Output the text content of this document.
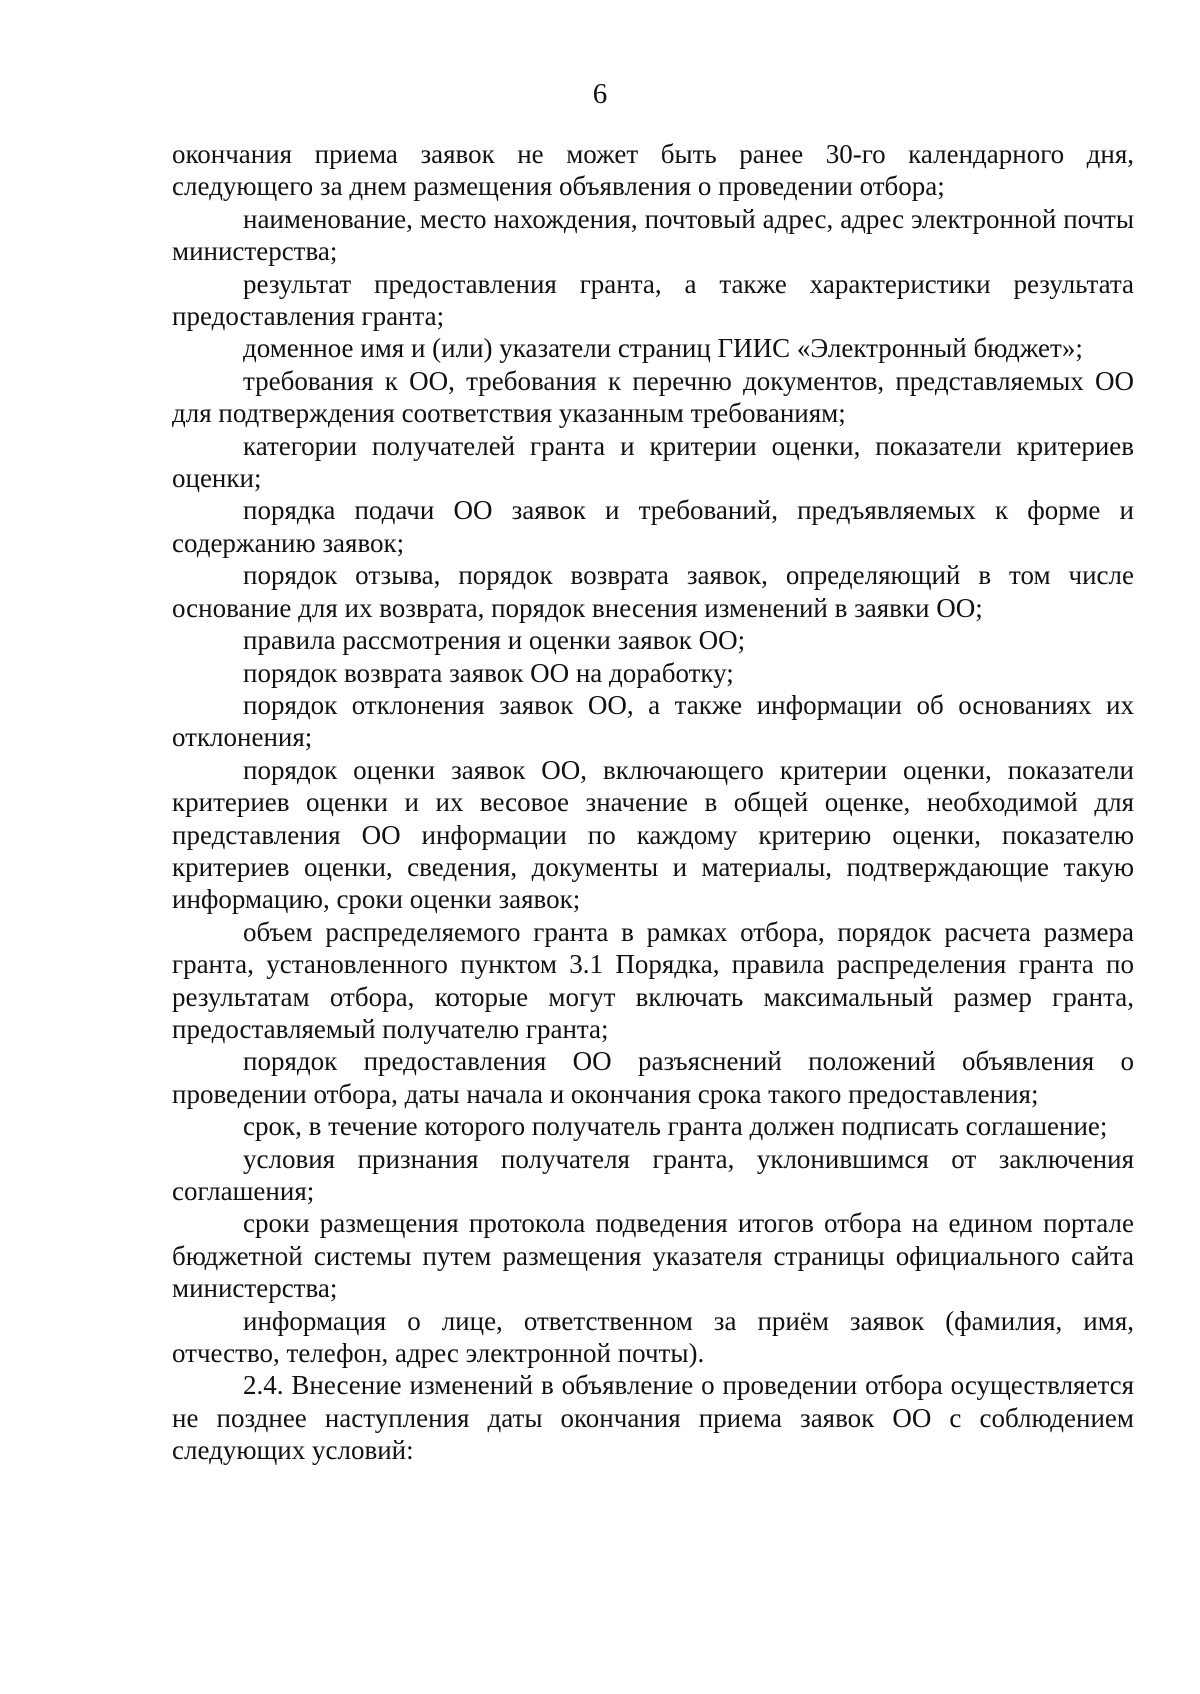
6

окончания приема заявок не может быть ранее 30-го календарного дня, следующего за днем размещения объявления о проведении отбора;

наименование, место нахождения, почтовый адрес, адрес электронной почты министерства;

результат предоставления гранта, а также характеристики результата предоставления гранта;

доменное имя и (или) указатели страниц ГИИС «Электронный бюджет»;

требования к ОО, требования к перечню документов, представляемых ОО для подтверждения соответствия указанным требованиям;

категории получателей гранта и критерии оценки, показатели критериев оценки;

порядка подачи ОО заявок и требований, предъявляемых к форме и содержанию заявок;

порядок отзыва, порядок возврата заявок, определяющий в том числе основание для их возврата, порядок внесения изменений в заявки ОО;

правила рассмотрения и оценки заявок ОО;

порядок возврата заявок ОО на доработку;

порядок отклонения заявок ОО, а также информации об основаниях их отклонения;

порядок оценки заявок ОО, включающего критерии оценки, показатели критериев оценки и их весовое значение в общей оценке, необходимой для представления ОО информации по каждому критерию оценки, показателю критериев оценки, сведения, документы и материалы, подтверждающие такую информацию, сроки оценки заявок;

объем распределяемого гранта в рамках отбора, порядок расчета размера гранта, установленного пунктом 3.1 Порядка, правила распределения гранта по результатам отбора, которые могут включать максимальный размер гранта, предоставляемый получателю гранта;

порядок предоставления ОО разъяснений положений объявления о проведении отбора, даты начала и окончания срока такого предоставления;

срок, в течение которого получатель гранта должен подписать соглашение;

условия признания получателя гранта, уклонившимся от заключения соглашения;

сроки размещения протокола подведения итогов отбора на едином портале бюджетной системы путем размещения указателя страницы официального сайта министерства;

информация о лице, ответственном за приём заявок (фамилия, имя, отчество, телефон, адрес электронной почты).

2.4. Внесение изменений в объявление о проведении отбора осуществляется не позднее наступления даты окончания приема заявок ОО с соблюдением следующих условий:
